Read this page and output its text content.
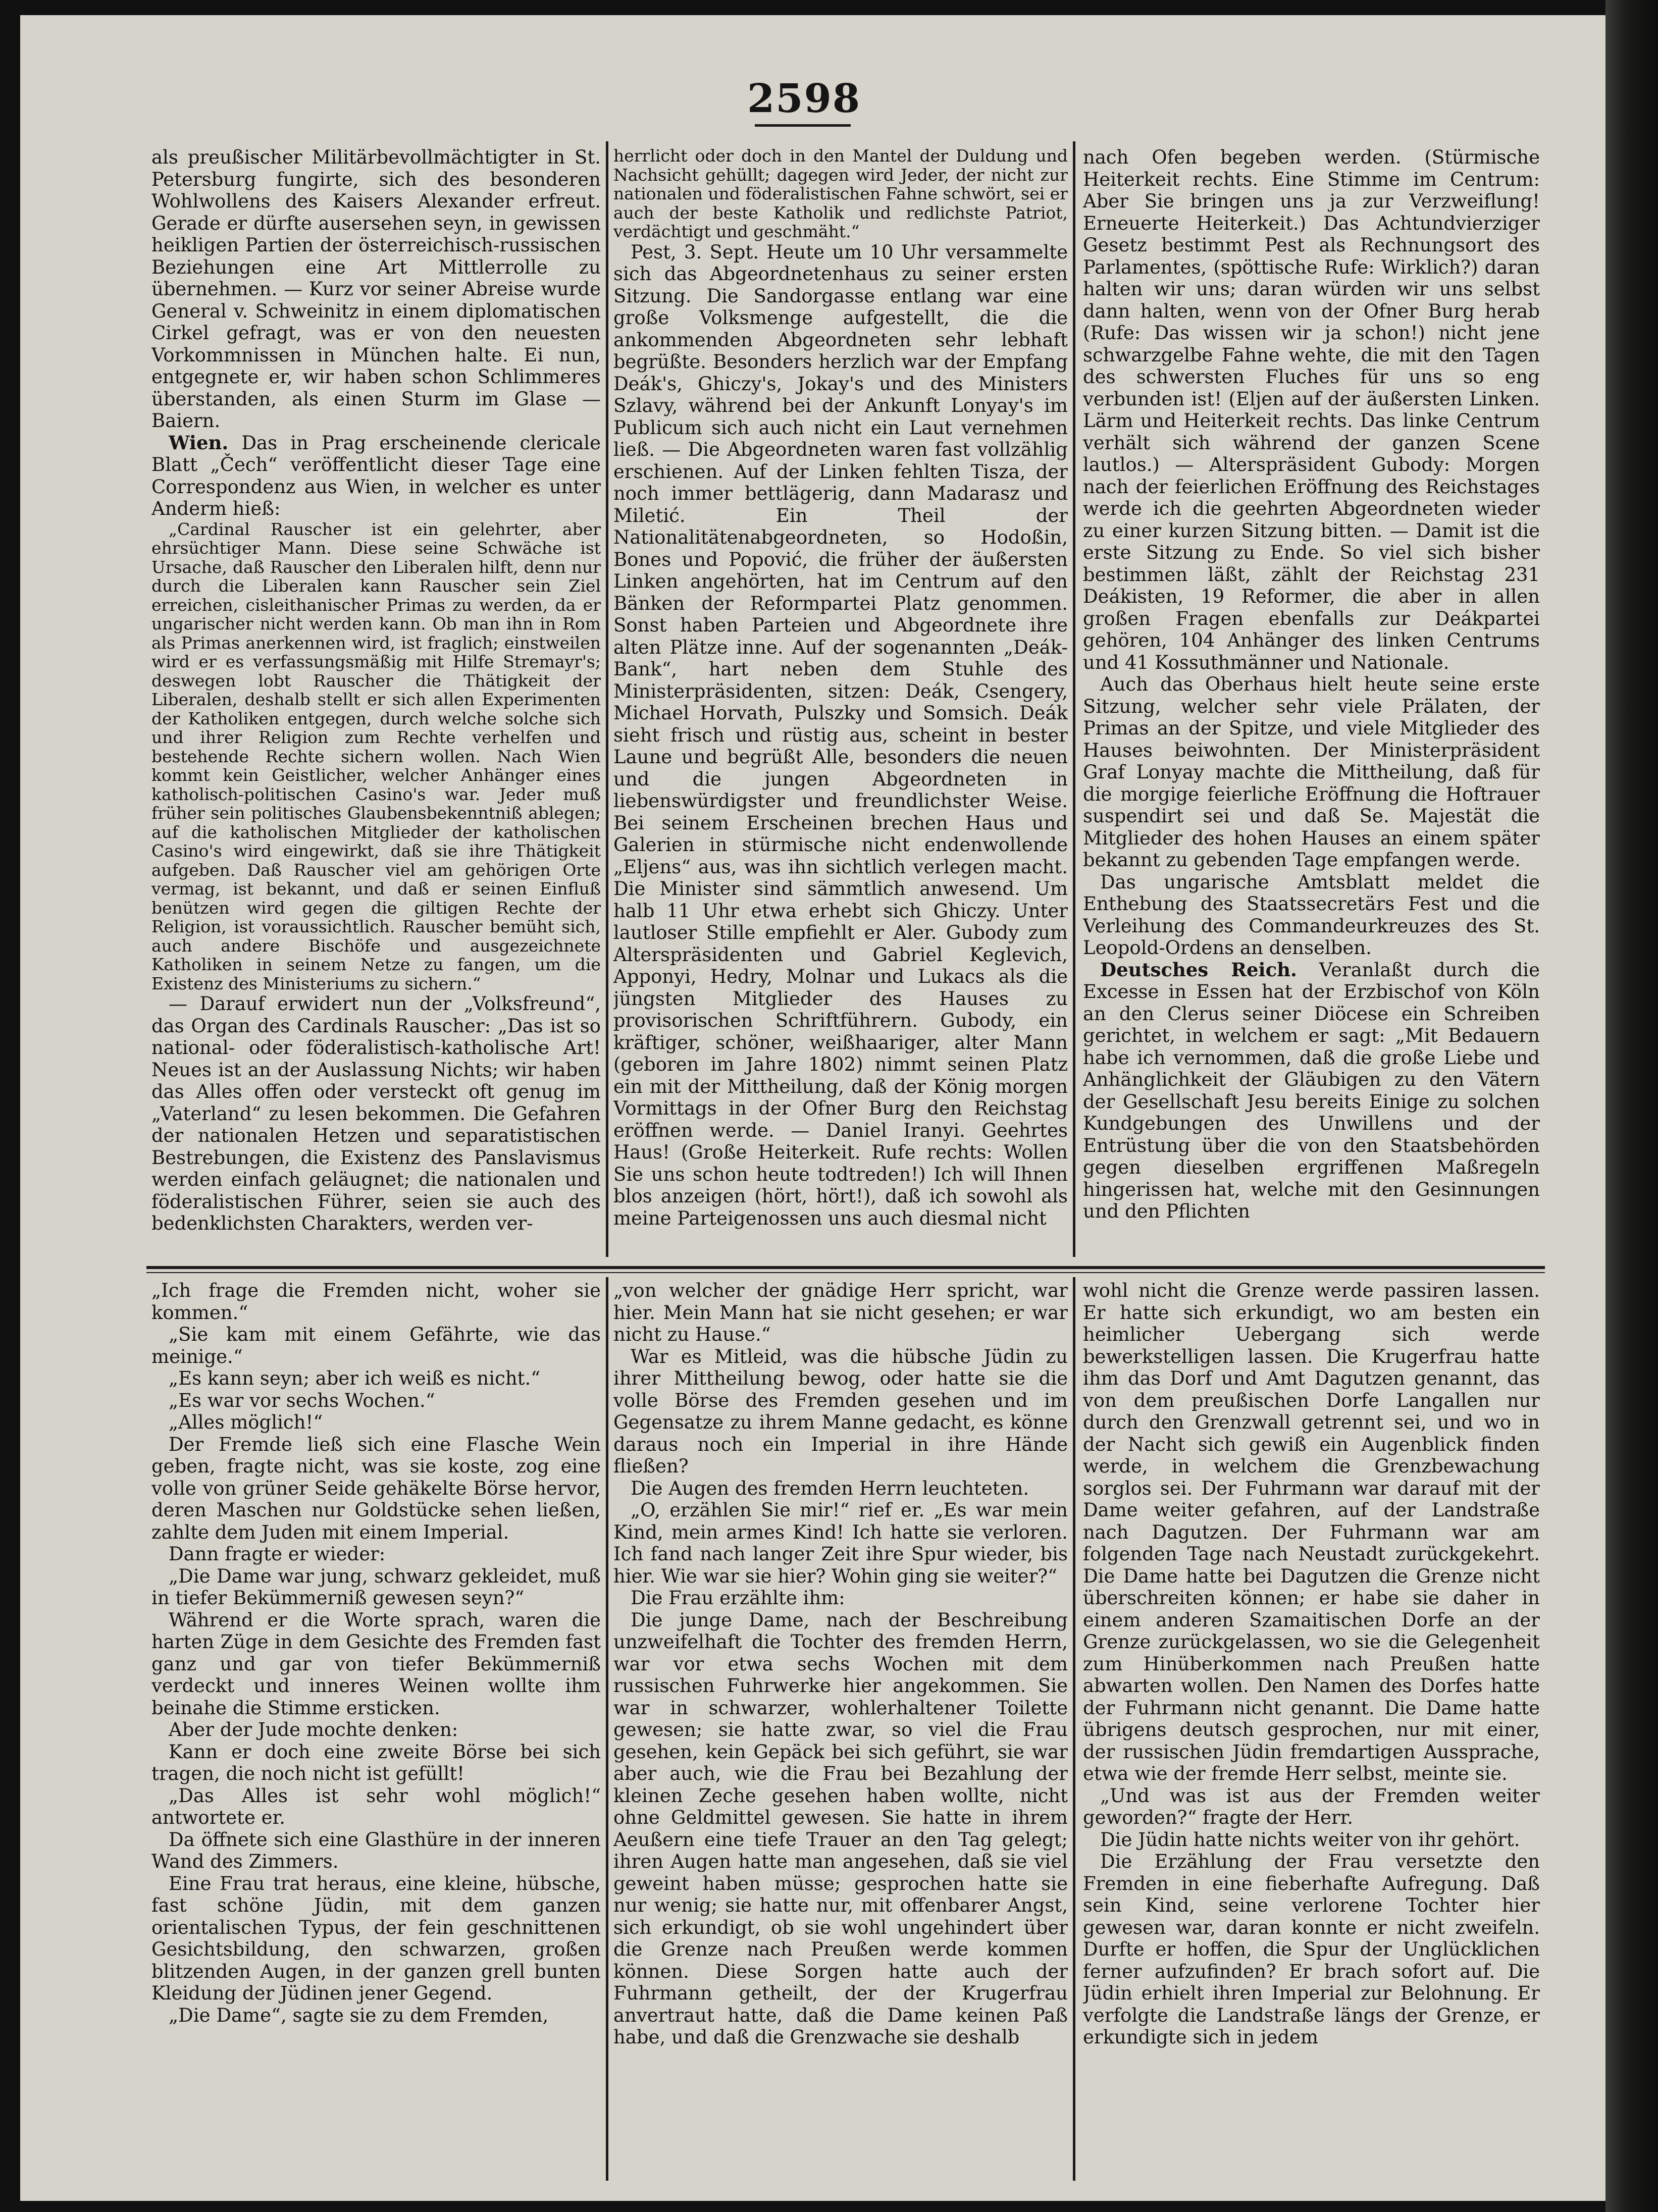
2598

als preußischer Militärbevollmächtigter in St. Petersburg fungirte, sich des besonderen Wohlwollens des Kaisers Alexander erfreut. Gerade er dürfte ausersehen seyn, in gewissen heikligen Partien der österreichisch-russischen Beziehungen eine Art Mittlerrolle zu übernehmen. — Kurz vor seiner Abreise wurde General v. Schweinitz in einem diplomatischen Cirkel gefragt, was er von den neuesten Vorkommnissen in München halte. Ei nun, entgegnete er, wir haben schon Schlimmeres überstanden, als einen Sturm im Glase — Baiern.

Wien. Das in Prag erscheinende clericale Blatt „Čech“ veröffentlicht dieser Tage eine Correspondenz aus Wien, in welcher es unter Anderm hieß:

„Cardinal Rauscher ist ein gelehrter, aber ehrsüchtiger Mann. Diese seine Schwäche ist Ursache, daß Rauscher den Liberalen hilft, denn nur durch die Liberalen kann Rauscher sein Ziel erreichen, cisleithanischer Primas zu werden, da er ungarischer nicht werden kann. Ob man ihn in Rom als Primas anerkennen wird, ist fraglich; einstweilen wird er es verfassungsmäßig mit Hilfe Stremayr's; deswegen lobt Rauscher die Thätigkeit der Liberalen, deshalb stellt er sich allen Experimenten der Katholiken entgegen, durch welche solche sich und ihrer Religion zum Rechte verhelfen und bestehende Rechte sichern wollen. Nach Wien kommt kein Geistlicher, welcher Anhänger eines katholisch-politischen Casino's war. Jeder muß früher sein politisches Glaubensbekenntniß ablegen; auf die katholischen Mitglieder der katholischen Casino's wird eingewirkt, daß sie ihre Thätigkeit aufgeben. Daß Rauscher viel am gehörigen Orte vermag, ist bekannt, und daß er seinen Einfluß benützen wird gegen die giltigen Rechte der Religion, ist voraussichtlich. Rauscher bemüht sich, auch andere Bischöfe und ausgezeichnete Katholiken in seinem Netze zu fangen, um die Existenz des Ministeriums zu sichern.“

— Darauf erwidert nun der „Volksfreund“, das Organ des Cardinals Rauscher: „Das ist so national- oder föderalistisch-katholische Art! Neues ist an der Auslassung Nichts; wir haben das Alles offen oder versteckt oft genug im „Vaterland“ zu lesen bekommen. Die Gefahren der nationalen Hetzen und separatistischen Bestrebungen, die Existenz des Panslavismus werden einfach geläugnet; die nationalen und föderalistischen Führer, seien sie auch des bedenklichsten Charakters, werden ver-

herrlicht oder doch in den Mantel der Duldung und Nachsicht gehüllt; dagegen wird Jeder, der nicht zur nationalen und föderalistischen Fahne schwört, sei er auch der beste Katholik und redlichste Patriot, verdächtigt und geschmäht.“

Pest, 3. Sept. Heute um 10 Uhr versammelte sich das Abgeordnetenhaus zu seiner ersten Sitzung. Die Sandorgasse entlang war eine große Volksmenge aufgestellt, die die ankommenden Abgeordneten sehr lebhaft begrüßte. Besonders herzlich war der Empfang Deák's, Ghiczy's, Jokay's und des Ministers Szlavy, während bei der Ankunft Lonyay's im Publicum sich auch nicht ein Laut vernehmen ließ. — Die Abgeordneten waren fast vollzählig erschienen. Auf der Linken fehlten Tisza, der noch immer bettlägerig, dann Madarasz und Miletić. Ein Theil der Nationalitätenabgeordneten, so Hodoßin, Bones und Popović, die früher der äußersten Linken angehörten, hat im Centrum auf den Bänken der Reformpartei Platz genommen. Sonst haben Parteien und Abgeordnete ihre alten Plätze inne. Auf der sogenannten „Deák-Bank“, hart neben dem Stuhle des Ministerpräsidenten, sitzen: Deák, Csengery, Michael Horvath, Pulszky und Somsich. Deák sieht frisch und rüstig aus, scheint in bester Laune und begrüßt Alle, besonders die neuen und die jungen Abgeordneten in liebenswürdigster und freundlichster Weise. Bei seinem Erscheinen brechen Haus und Galerien in stürmische nicht endenwollende „Eljens“ aus, was ihn sichtlich verlegen macht. Die Minister sind sämmtlich anwesend. Um halb 11 Uhr etwa erhebt sich Ghiczy. Unter lautloser Stille empfiehlt er Aler. Gubody zum Alterspräsidenten und Gabriel Keglevich, Apponyi, Hedry, Molnar und Lukacs als die jüngsten Mitglieder des Hauses zu provisorischen Schriftführern. Gubody, ein kräftiger, schöner, weißhaariger, alter Mann (geboren im Jahre 1802) nimmt seinen Platz ein mit der Mittheilung, daß der König morgen Vormittags in der Ofner Burg den Reichstag eröffnen werde. — Daniel Iranyi. Geehrtes Haus! (Große Heiterkeit. Rufe rechts: Wollen Sie uns schon heute todtreden!) Ich will Ihnen blos anzeigen (hört, hört!), daß ich sowohl als meine Parteigenossen uns auch diesmal nicht

nach Ofen begeben werden. (Stürmische Heiterkeit rechts. Eine Stimme im Centrum: Aber Sie bringen uns ja zur Verzweiflung! Erneuerte Heiterkeit.) Das Achtundvierziger Gesetz bestimmt Pest als Rechnungsort des Parlamentes, (spöttische Rufe: Wirklich?) daran halten wir uns; daran würden wir uns selbst dann halten, wenn von der Ofner Burg herab (Rufe: Das wissen wir ja schon!) nicht jene schwarzgelbe Fahne wehte, die mit den Tagen des schwersten Fluches für uns so eng verbunden ist! (Eljen auf der äußersten Linken. Lärm und Heiterkeit rechts. Das linke Centrum verhält sich während der ganzen Scene lautlos.) — Alterspräsident Gubody: Morgen nach der feierlichen Eröffnung des Reichstages werde ich die geehrten Abgeordneten wieder zu einer kurzen Sitzung bitten. — Damit ist die erste Sitzung zu Ende. So viel sich bisher bestimmen läßt, zählt der Reichstag 231 Deákisten, 19 Reformer, die aber in allen großen Fragen ebenfalls zur Deákpartei gehören, 104 Anhänger des linken Centrums und 41 Kossuthmänner und Nationale.

Auch das Oberhaus hielt heute seine erste Sitzung, welcher sehr viele Prälaten, der Primas an der Spitze, und viele Mitglieder des Hauses beiwohnten. Der Ministerpräsident Graf Lonyay machte die Mittheilung, daß für die morgige feierliche Eröffnung die Hoftrauer suspendirt sei und daß Se. Majestät die Mitglieder des hohen Hauses an einem später bekannt zu gebenden Tage empfangen werde.

Das ungarische Amtsblatt meldet die Enthebung des Staatssecretärs Fest und die Verleihung des Commandeurkreuzes des St. Leopold-Ordens an denselben.

Deutsches Reich. Veranlaßt durch die Excesse in Essen hat der Erzbischof von Köln an den Clerus seiner Diöcese ein Schreiben gerichtet, in welchem er sagt: „Mit Bedauern habe ich vernommen, daß die große Liebe und Anhänglichkeit der Gläubigen zu den Vätern der Gesellschaft Jesu bereits Einige zu solchen Kundgebungen des Unwillens und der Entrüstung über die von den Staatsbehörden gegen dieselben ergriffenen Maßregeln hingerissen hat, welche mit den Gesinnungen und den Pflichten

„Ich frage die Fremden nicht, woher sie kommen.“

„Sie kam mit einem Gefährte, wie das meinige.“

„Es kann seyn; aber ich weiß es nicht.“

„Es war vor sechs Wochen.“

„Alles möglich!“

Der Fremde ließ sich eine Flasche Wein geben, fragte nicht, was sie koste, zog eine volle von grüner Seide gehäkelte Börse hervor, deren Maschen nur Goldstücke sehen ließen, zahlte dem Juden mit einem Imperial.

Dann fragte er wieder:

„Die Dame war jung, schwarz gekleidet, muß in tiefer Bekümmerniß gewesen seyn?“

Während er die Worte sprach, waren die harten Züge in dem Gesichte des Fremden fast ganz und gar von tiefer Bekümmerniß verdeckt und inneres Weinen wollte ihm beinahe die Stimme ersticken.

Aber der Jude mochte denken:

Kann er doch eine zweite Börse bei sich tragen, die noch nicht ist gefüllt!

„Das Alles ist sehr wohl möglich!“ antwortete er.

Da öffnete sich eine Glasthüre in der inneren Wand des Zimmers.

Eine Frau trat heraus, eine kleine, hübsche, fast schöne Jüdin, mit dem ganzen orientalischen Typus, der fein geschnittenen Gesichtsbildung, den schwarzen, großen blitzenden Augen, in der ganzen grell bunten Kleidung der Jüdinen jener Gegend.

„Die Dame“, sagte sie zu dem Fremden,

„von welcher der gnädige Herr spricht, war hier. Mein Mann hat sie nicht gesehen; er war nicht zu Hause.“

War es Mitleid, was die hübsche Jüdin zu ihrer Mittheilung bewog, oder hatte sie die volle Börse des Fremden gesehen und im Gegensatze zu ihrem Manne gedacht, es könne daraus noch ein Imperial in ihre Hände fließen?

Die Augen des fremden Herrn leuchteten.

„O, erzählen Sie mir!“ rief er. „Es war mein Kind, mein armes Kind! Ich hatte sie verloren. Ich fand nach langer Zeit ihre Spur wieder, bis hier. Wie war sie hier? Wohin ging sie weiter?“

Die Frau erzählte ihm:

Die junge Dame, nach der Beschreibung unzweifelhaft die Tochter des fremden Herrn, war vor etwa sechs Wochen mit dem russischen Fuhrwerke hier angekommen. Sie war in schwarzer, wohlerhaltener Toilette gewesen; sie hatte zwar, so viel die Frau gesehen, kein Gepäck bei sich geführt, sie war aber auch, wie die Frau bei Bezahlung der kleinen Zeche gesehen haben wollte, nicht ohne Geldmittel gewesen. Sie hatte in ihrem Aeußern eine tiefe Trauer an den Tag gelegt; ihren Augen hatte man angesehen, daß sie viel geweint haben müsse; gesprochen hatte sie nur wenig; sie hatte nur, mit offenbarer Angst, sich erkundigt, ob sie wohl ungehindert über die Grenze nach Preußen werde kommen können. Diese Sorgen hatte auch der Fuhrmann getheilt, der der Krugerfrau anvertraut hatte, daß die Dame keinen Paß habe, und daß die Grenzwache sie deshalb

wohl nicht die Grenze werde passiren lassen. Er hatte sich erkundigt, wo am besten ein heimlicher Uebergang sich werde bewerkstelligen lassen. Die Krugerfrau hatte ihm das Dorf und Amt Dagutzen genannt, das von dem preußischen Dorfe Langallen nur durch den Grenzwall getrennt sei, und wo in der Nacht sich gewiß ein Augenblick finden werde, in welchem die Grenzbewachung sorglos sei. Der Fuhrmann war darauf mit der Dame weiter gefahren, auf der Landstraße nach Dagutzen. Der Fuhrmann war am folgenden Tage nach Neustadt zurückgekehrt. Die Dame hatte bei Dagutzen die Grenze nicht überschreiten können; er habe sie daher in einem anderen Szamaitischen Dorfe an der Grenze zurückgelassen, wo sie die Gelegenheit zum Hinüberkommen nach Preußen hatte abwarten wollen. Den Namen des Dorfes hatte der Fuhrmann nicht genannt. Die Dame hatte übrigens deutsch gesprochen, nur mit einer, der russischen Jüdin fremdartigen Aussprache, etwa wie der fremde Herr selbst, meinte sie.

„Und was ist aus der Fremden weiter geworden?“ fragte der Herr.

Die Jüdin hatte nichts weiter von ihr gehört.

Die Erzählung der Frau versetzte den Fremden in eine fieberhafte Aufregung. Daß sein Kind, seine verlorene Tochter hier gewesen war, daran konnte er nicht zweifeln. Durfte er hoffen, die Spur der Unglücklichen ferner aufzufinden? Er brach sofort auf. Die Jüdin erhielt ihren Imperial zur Belohnung. Er verfolgte die Landstraße längs der Grenze, er erkundigte sich in jedem
